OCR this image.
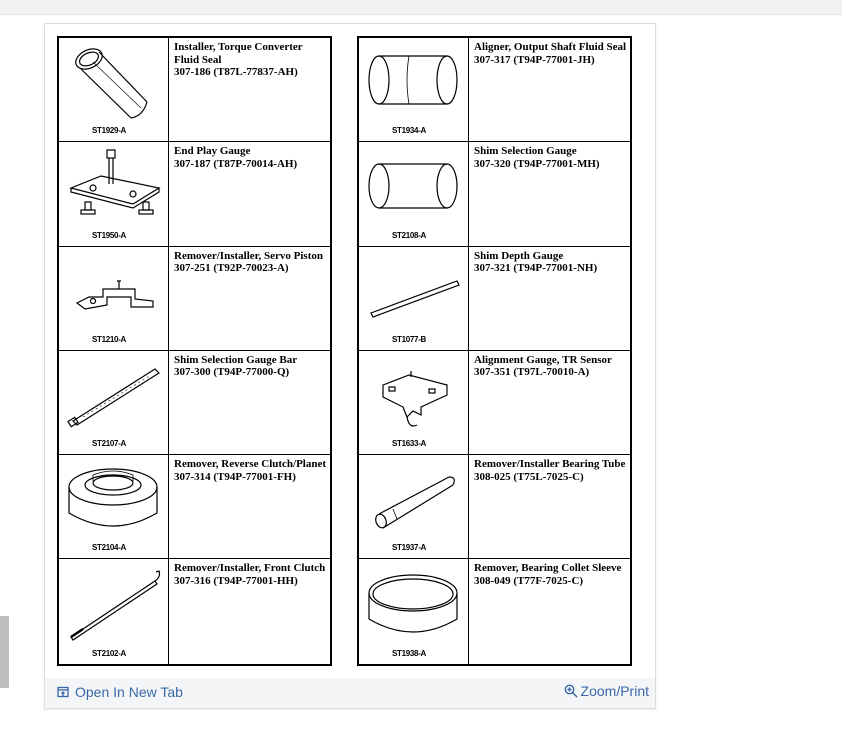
ST1929-A
Installer, Torque Converter Fluid Seal
307-186 (T87L-77837-AH)
ST1950-A
End Play Gauge
307-187 (T87P-70014-AH)
ST1210-A
Remover/Installer, Servo Piston
307-251 (T92P-70023-A)
ST2107-A
Shim Selection Gauge Bar
307-300 (T94P-77000-Q)
ST2104-A
Remover, Reverse Clutch/Planet
307-314 (T94P-77001-FH)
ST2102-A
Remover/Installer, Front Clutch
307-316 (T94P-77001-HH)
ST1934-A
Aligner, Output Shaft Fluid Seal
307-317 (T94P-77001-JH)
ST2108-A
Shim Selection Gauge
307-320 (T94P-77001-MH)
ST1077-B
Shim Depth Gauge
307-321 (T94P-77001-NH)
ST1633-A
Alignment Gauge, TR Sensor
307-351 (T97L-70010-A)
ST1937-A
Remover/Installer Bearing Tube
308-025 (T75L-7025-C)
ST1938-A
Remover, Bearing Collet Sleeve
308-049 (T77F-7025-C)
Open In New Tab	Zoom/Print
